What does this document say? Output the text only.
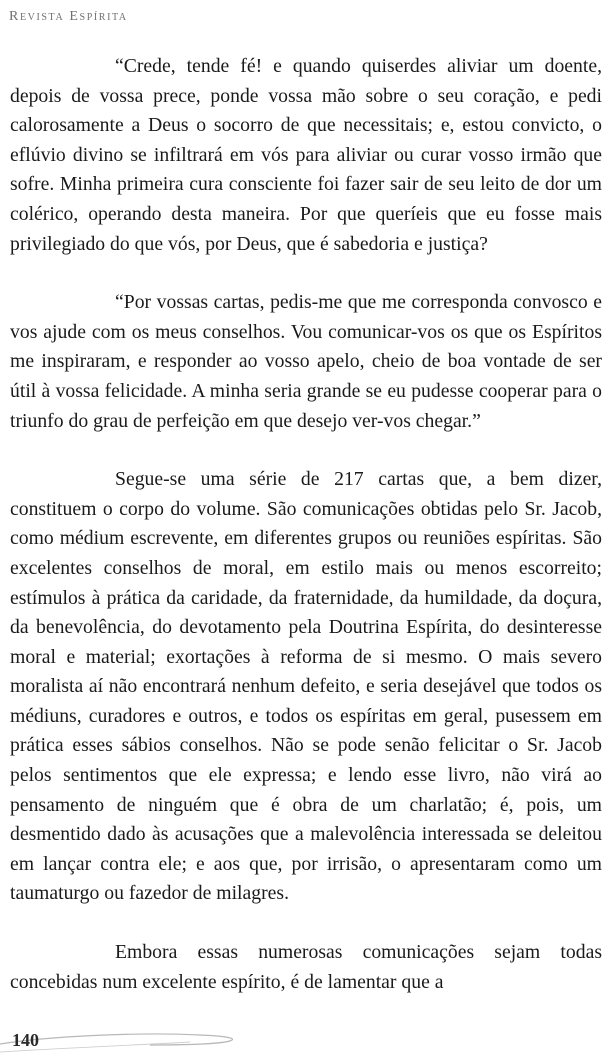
Revista Espírita

“Crede, tende fé! e quando quiserdes aliviar um doente, depois de vossa prece, ponde vossa mão sobre o seu coração, e pedi calorosamente a Deus o socorro de que necessitais; e, estou convicto, o eflúvio divino se infiltrará em vós para aliviar ou curar vosso irmão que sofre. Minha primeira cura consciente foi fazer sair de seu leito de dor um colérico, operando desta maneira. Por que queríeis que eu fosse mais privilegiado do que vós, por Deus, que é sabedoria e justiça?

“Por vossas cartas, pedis-me que me corresponda convosco e vos ajude com os meus conselhos. Vou comunicar-vos os que os Espíritos me inspiraram, e responder ao vosso apelo, cheio de boa vontade de ser útil à vossa felicidade. A minha seria grande se eu pudesse cooperar para o triunfo do grau de perfeição em que desejo ver-vos chegar.”

Segue-se uma série de 217 cartas que, a bem dizer, constituem o corpo do volume. São comunicações obtidas pelo Sr. Jacob, como médium escrevente, em diferentes grupos ou reuniões espíritas. São excelentes conselhos de moral, em estilo mais ou menos escorreito; estímulos à prática da caridade, da fraternidade, da humildade, da doçura, da benevolência, do devotamento pela Doutrina Espírita, do desinteresse moral e material; exortações à reforma de si mesmo. O mais severo moralista aí não encontrará nenhum defeito, e seria desejável que todos os médiuns, curadores e outros, e todos os espíritas em geral, pusessem em prática esses sábios conselhos. Não se pode senão felicitar o Sr. Jacob pelos sentimentos que ele expressa; e lendo esse livro, não virá ao pensamento de ninguém que é obra de um charlatão; é, pois, um desmentido dado às acusações que a malevolência interessada se deleitou em lançar contra ele; e aos que, por irrisão, o apresentaram como um taumaturgo ou fazedor de milagres.

Embora essas numerosas comunicações sejam todas concebidas num excelente espírito, é de lamentar que a

140
